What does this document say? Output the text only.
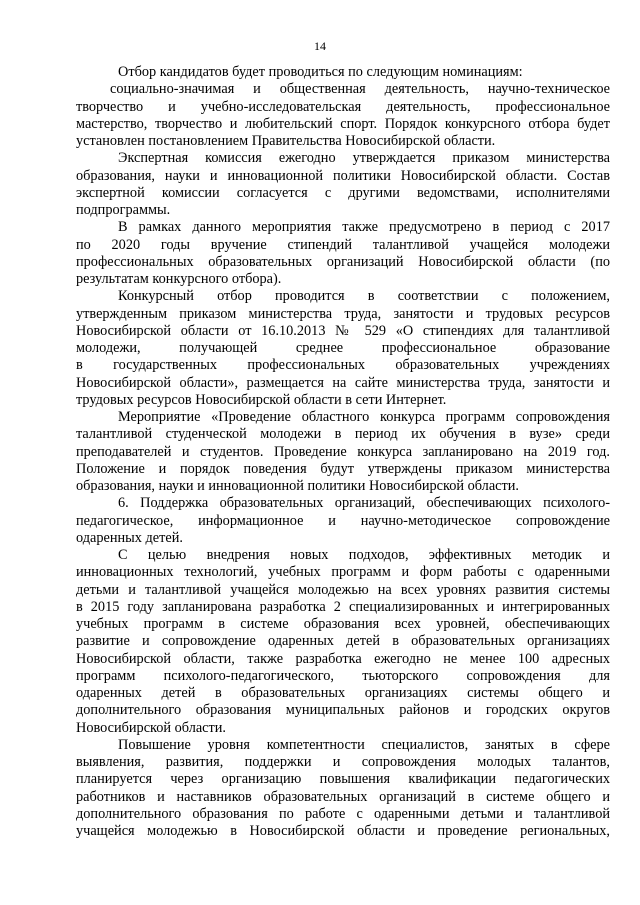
14
Отбор кандидатов будет проводиться по следующим номинациям:
социально-значимая и общественная деятельность, научно-техническое
творчество и учебно-исследовательская деятельность, профессиональное
мастерство, творчество и любительский спорт. Порядок конкурсного отбора будет
установлен постановлением Правительства Новосибирской области.
Экспертная комиссия ежегодно утверждается приказом министерства
образования, науки и инновационной политики Новосибирской области. Состав
экспертной комиссии согласуется с другими ведомствами, исполнителями
подпрограммы.
В рамках данного мероприятия также предусмотрено в период с 2017
по 2020 годы вручение стипендий талантливой учащейся молодежи
профессиональных образовательных организаций Новосибирской области (по
результатам конкурсного отбора).
Конкурсный отбор проводится в соответствии с положением,
утвержденным приказом министерства труда, занятости и трудовых ресурсов
Новосибирской области от 16.10.2013 № 529 «О стипендиях для талантливой
молодежи, получающей среднее профессиональное образование
в государственных профессиональных образовательных учреждениях
Новосибирской области», размещается на сайте министерства труда, занятости и
трудовых ресурсов Новосибирской области в сети Интернет.
Мероприятие «Проведение областного конкурса программ сопровождения
талантливой студенческой молодежи в период их обучения в вузе» среди
преподавателей и студентов. Проведение конкурса запланировано на 2019 год.
Положение и порядок поведения будут утверждены приказом министерства
образования, науки и инновационной политики Новосибирской области.
6. Поддержка образовательных организаций, обеспечивающих психолого-
педагогическое, информационное и научно-методическое сопровождение
одаренных детей.
С целью внедрения новых подходов, эффективных методик и
инновационных технологий, учебных программ и форм работы с одаренными
детьми и талантливой учащейся молодежью на всех уровнях развития системы
в 2015 году запланирована разработка 2 специализированных и интегрированных
учебных программ в системе образования всех уровней, обеспечивающих
развитие и сопровождение одаренных детей в образовательных организациях
Новосибирской области, также разработка ежегодно не менее 100 адресных
программ психолого-педагогического, тьюторского сопровождения для
одаренных детей в образовательных организациях системы общего и
дополнительного образования муниципальных районов и городских округов
Новосибирской области.
Повышение уровня компетентности специалистов, занятых в сфере
выявления, развития, поддержки и сопровождения молодых талантов,
планируется через организацию повышения квалификации педагогических
работников и наставников образовательных организаций в системе общего и
дополнительного образования по работе с одаренными детьми и талантливой
учащейся молодежью в Новосибирской области и проведение региональных,
